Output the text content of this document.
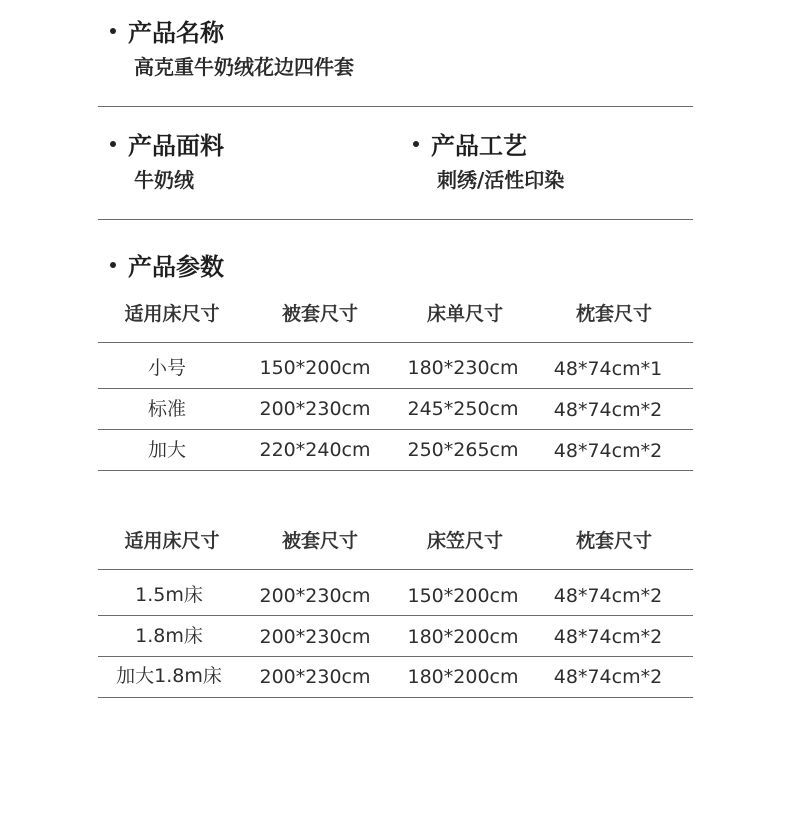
产品名称
高克重牛奶绒花边四件套
产品面料
牛奶绒
产品工艺
刺绣/活性印染
产品参数
适用床尺寸	被套尺寸	床单尺寸	枕套尺寸
小号	150*200cm 180*230cm 48*74cm*1
标准	200*230cm 245*250cm 48*74cm*2
加大	220*240cm 250*265cm 48*74cm*2
适用床尺寸	被套尺寸	床笠尺寸	枕套尺寸
1.5m床	200*230cm 150*200cm 48*74cm*2
1.8m床	200*230cm 180*200cm 48*74cm*2
加大1.8m床 200*230cm 180*200cm 48*74cm*2
